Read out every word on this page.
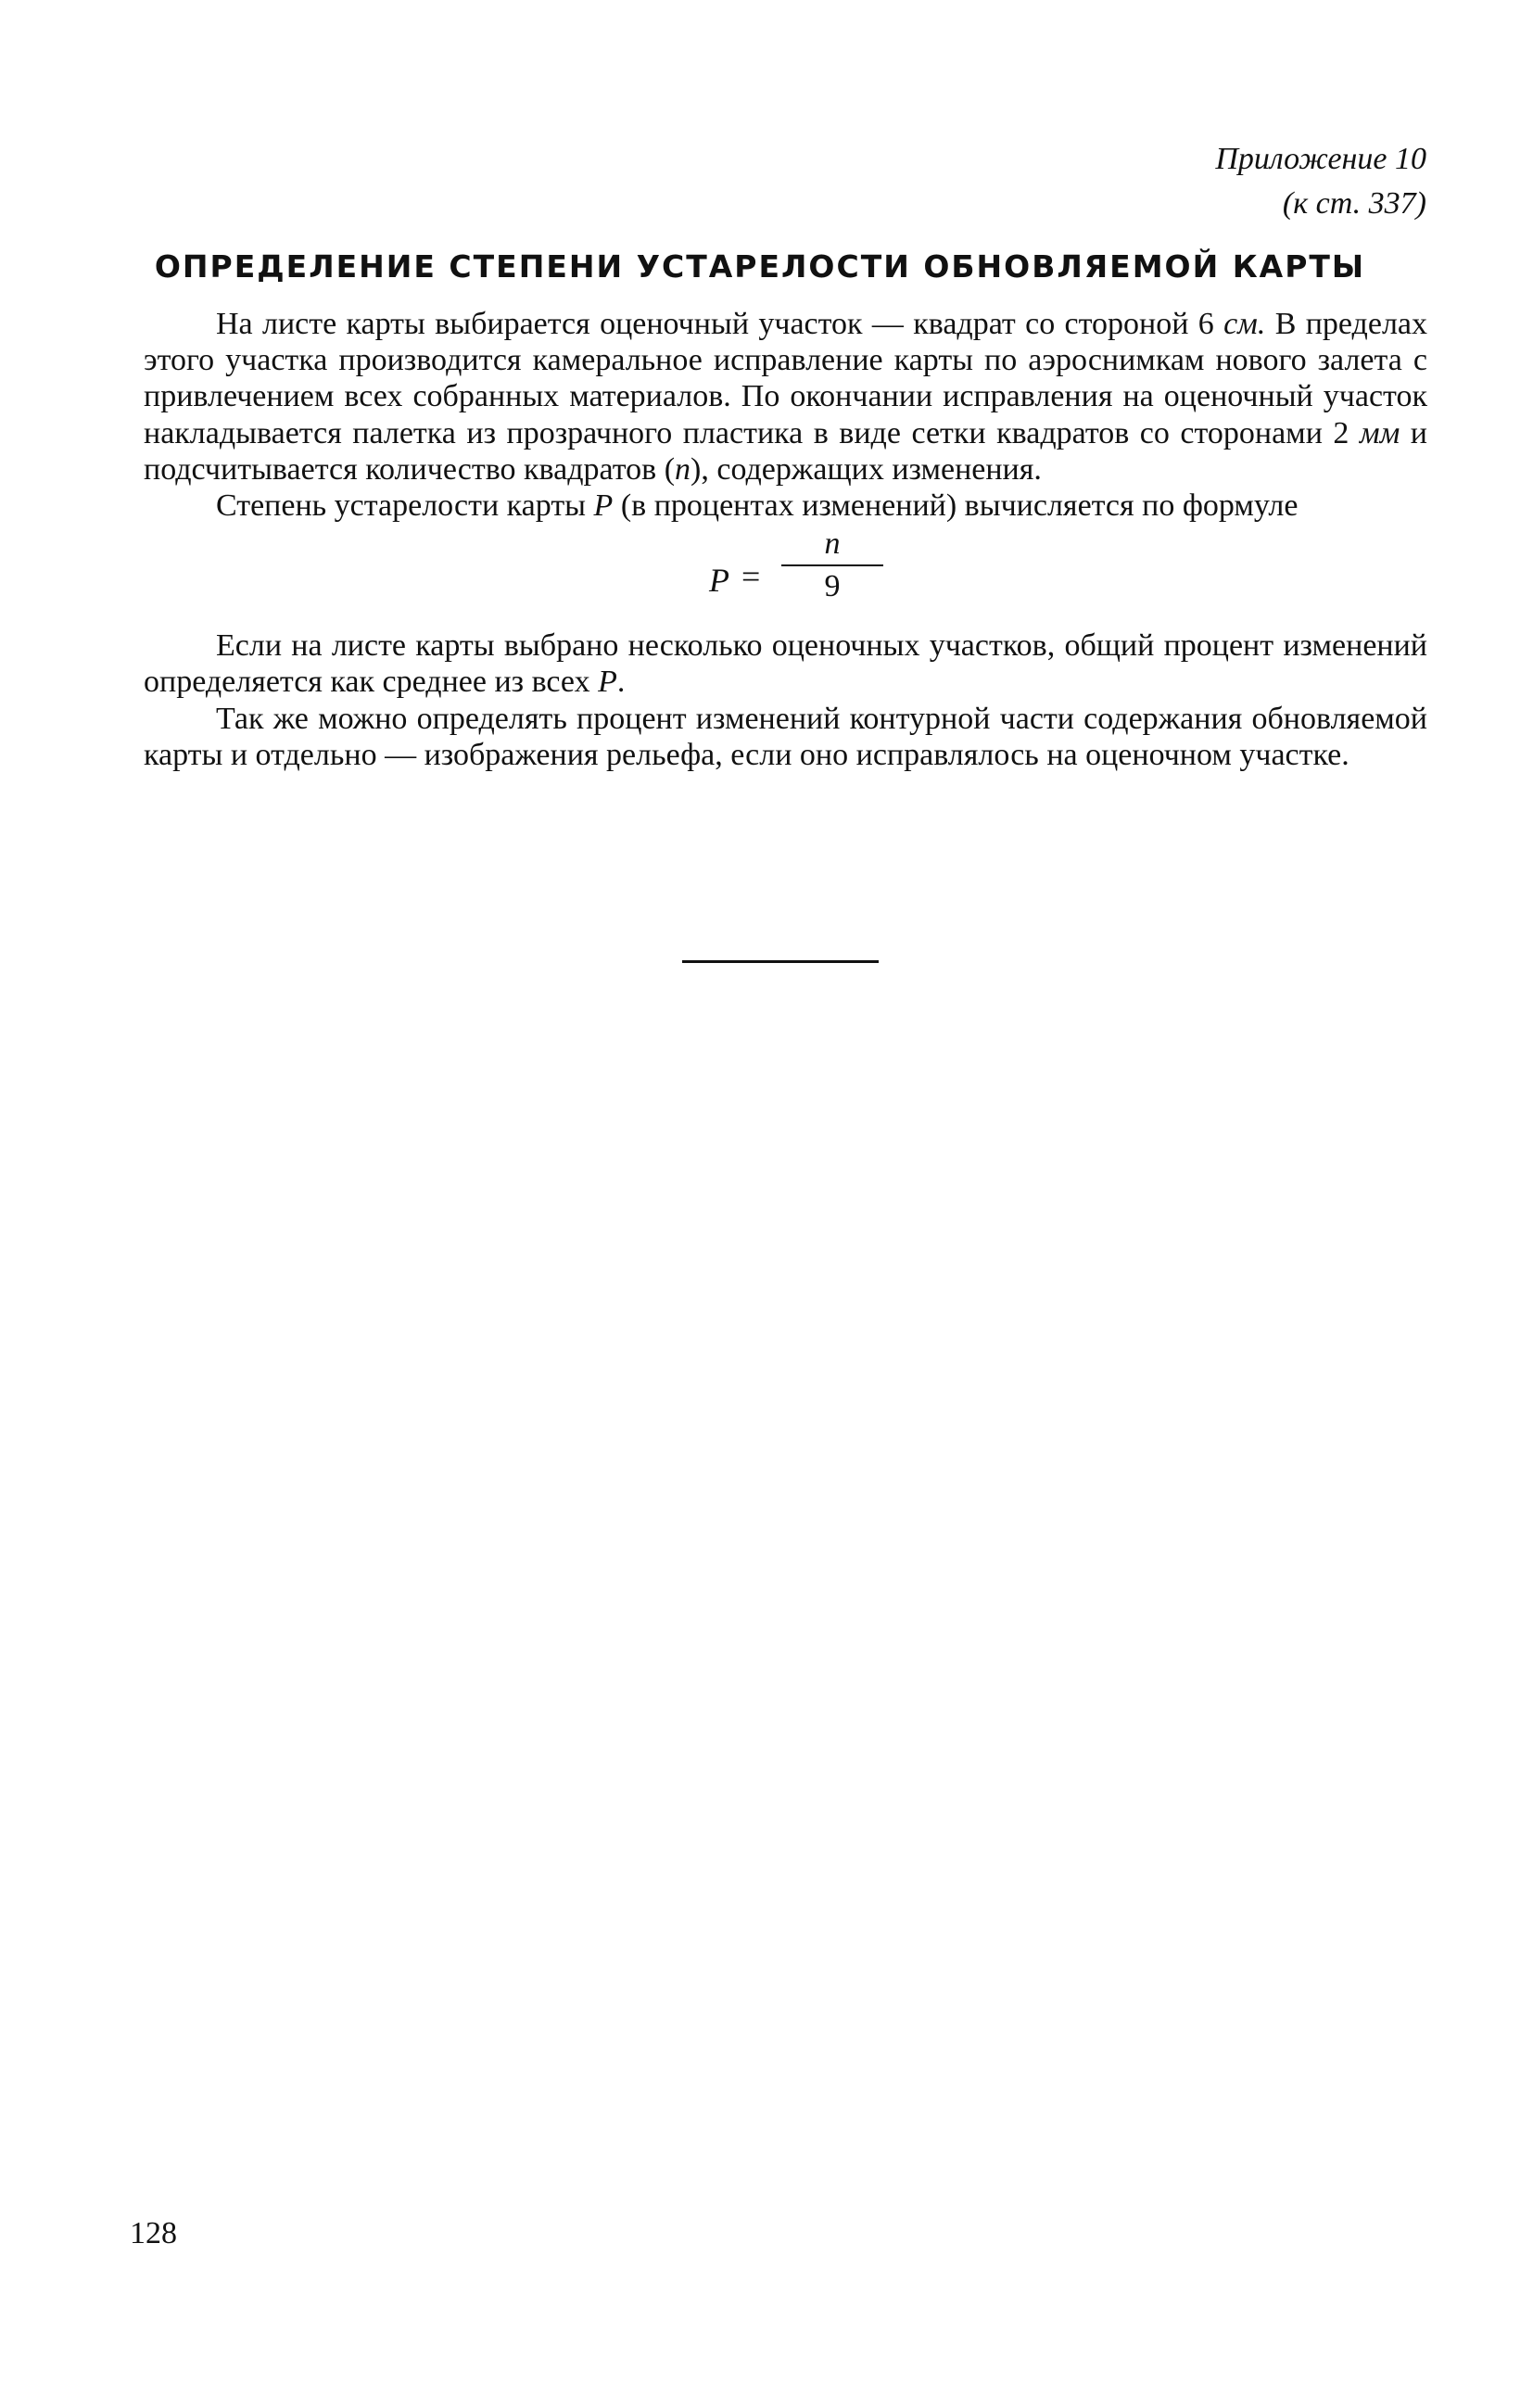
Приложение 10
(к ст. 337)
ОПРЕДЕЛЕНИЕ СТЕПЕНИ УСТАРЕЛОСТИ ОБНОВЛЯЕМОЙ КАРТЫ

На листе карты выбирается оценочный участок — квадрат со стороной 6 см. В пределах этого участка производится камеральное исправление карты по аэроснимкам нового залета с привлечением всех собранных материалов. По окончании исправления на оценочный участок накладывается палетка из прозрачного пластика в виде сетки квадратов со сторонами 2 мм и подсчитывается количество квадратов (n), содержащих изменения.

Степень устарелости карты P (в процентах изменений) вычисляется по формуле

P =
n
9

Если на листе карты выбрано несколько оценочных участков, общий процент изменений определяется как среднее из всех P.

Так же можно определять процент изменений контурной части содержания обновляемой карты и отдельно — изображения рельефа, если оно исправлялось на оценочном участке.

128
